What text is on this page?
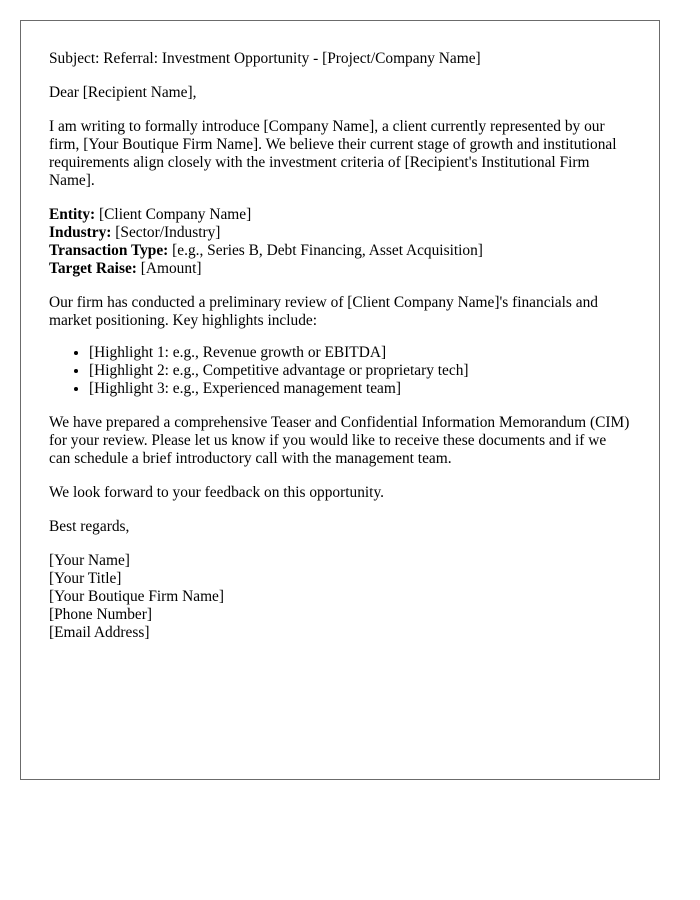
Subject: Referral: Investment Opportunity - [Project/Company Name]

Dear [Recipient Name],

I am writing to formally introduce [Company Name], a client currently represented by our firm, [Your Boutique Firm Name]. We believe their current stage of growth and institutional requirements align closely with the investment criteria of [Recipient's Institutional Firm Name].

Entity: [Client Company Name]
Industry: [Sector/Industry]
Transaction Type: [e.g., Series B, Debt Financing, Asset Acquisition]
Target Raise: [Amount]

Our firm has conducted a preliminary review of [Client Company Name]'s financials and market positioning. Key highlights include:

• [Highlight 1: e.g., Revenue growth or EBITDA]
• [Highlight 2: e.g., Competitive advantage or proprietary tech]
• [Highlight 3: e.g., Experienced management team]

We have prepared a comprehensive Teaser and Confidential Information Memorandum (CIM) for your review. Please let us know if you would like to receive these documents and if we can schedule a brief introductory call with the management team.

We look forward to your feedback on this opportunity.

Best regards,

[Your Name]
[Your Title]
[Your Boutique Firm Name]
[Phone Number]
[Email Address]
